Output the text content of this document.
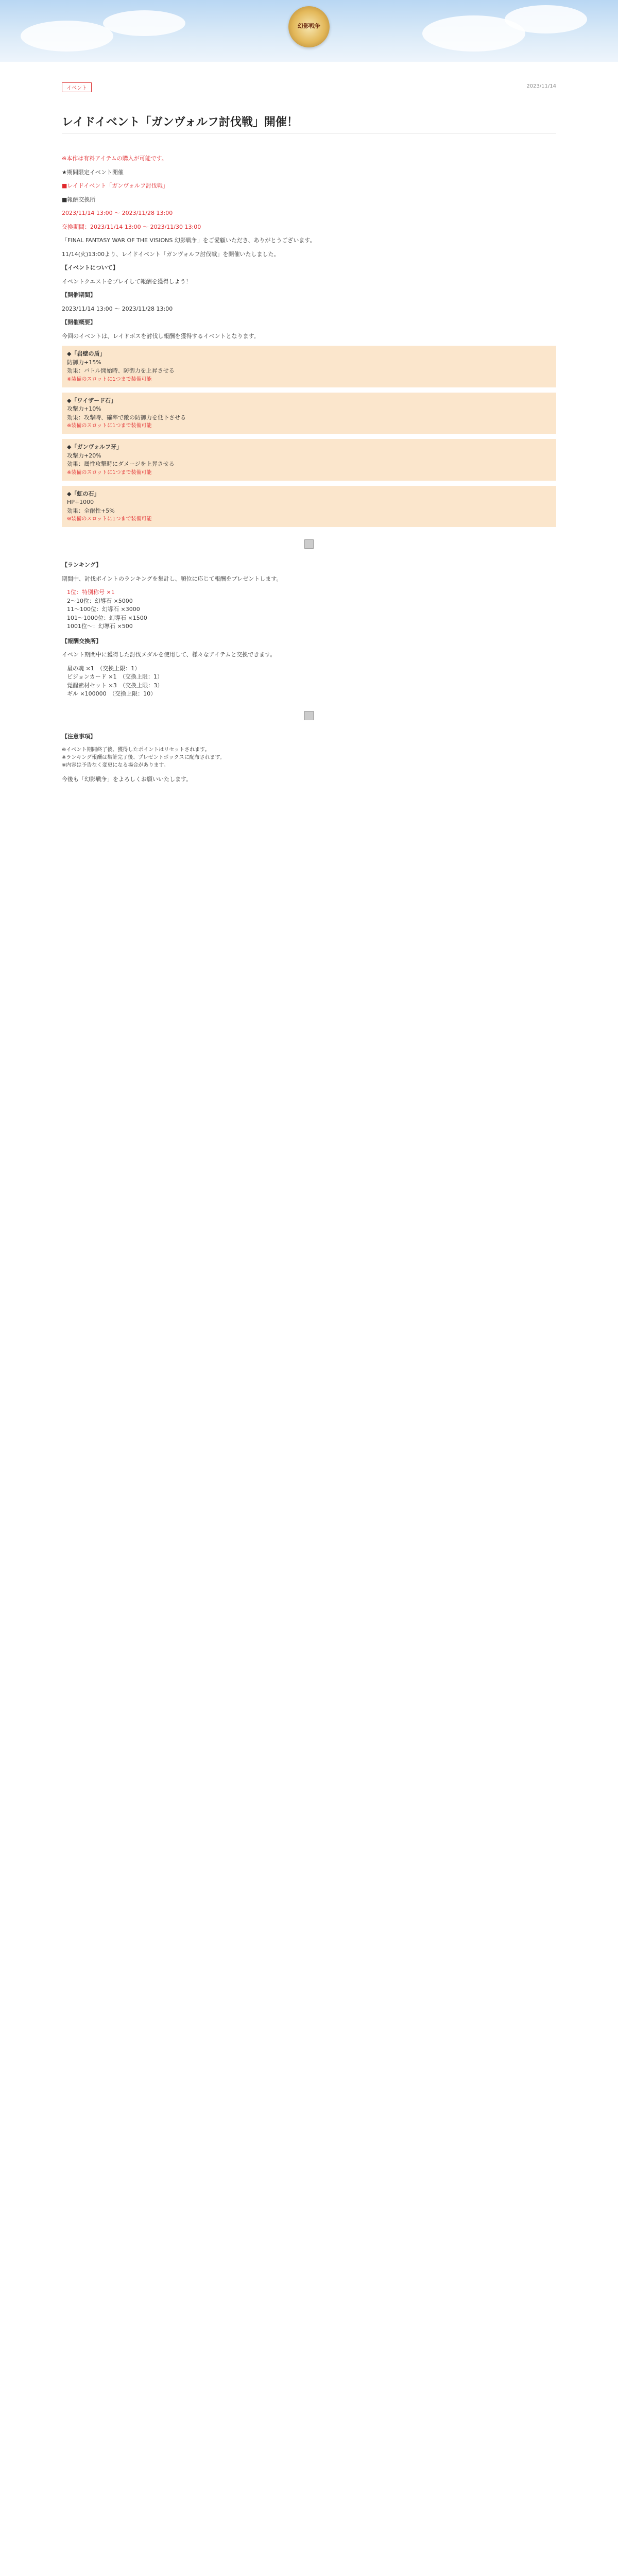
幻影戦争
イベント	2023/11/14
レイドイベント「ガンヴォルフ討伐戦」開催！

※本作は有料アイテムの購入が可能です。

★期間限定イベント開催

■レイドイベント「ガンヴォルフ討伐戦」

■報酬交換所

2023/11/14 13:00 〜 2023/11/28 13:00

交換期間：2023/11/14 13:00 〜 2023/11/30 13:00

「FINAL FANTASY WAR OF THE VISIONS 幻影戦争」をご愛顧いただき、ありがとうございます。

11/14(火)13:00より、レイドイベント「ガンヴォルフ討伐戦」を開催いたしました。

【イベントについて】

イベントクエストをプレイして報酬を獲得しよう！

【開催期間】

2023/11/14 13:00 〜 2023/11/28 13:00

【開催概要】

今回のイベントは、レイドボスを討伐し報酬を獲得するイベントとなります。

◆「岩壁の盾」
防御力+15%
効果：バトル開始時、防御力を上昇させる
※装備のスロットに1つまで装備可能
◆「ワイザード石」
攻撃力+10%
効果：攻撃時、確率で敵の防御力を低下させる
※装備のスロットに1つまで装備可能
◆「ガンヴォルフ牙」
攻撃力+20%
効果：属性攻撃時にダメージを上昇させる
※装備のスロットに1つまで装備可能
◆「虹の石」
HP+1000
効果：全耐性+5%
※装備のスロットに1つまで装備可能

【ランキング】

期間中、討伐ポイントのランキングを集計し、順位に応じて報酬をプレゼントします。

1位：特別称号 ×1
2〜10位：幻導石 ×5000
11〜100位：幻導石 ×3000
101〜1000位：幻導石 ×1500
1001位〜：幻導石 ×500

【報酬交換所】

イベント期間中に獲得した討伐メダルを使用して、様々なアイテムと交換できます。

星の魂 ×1　（交換上限：1）
ビジョンカード ×1　（交換上限：1）
覚醒素材セット ×3　（交換上限：3）
ギル ×100000　（交換上限：10）

【注意事項】

※イベント期間終了後、獲得したポイントはリセットされます。
※ランキング報酬は集計完了後、プレゼントボックスに配布されます。
※内容は予告なく変更になる場合があります。

今後も「幻影戦争」をよろしくお願いいたします。
